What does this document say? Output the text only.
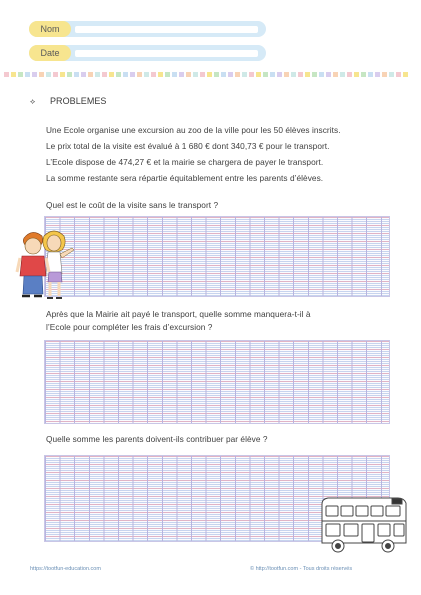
Nom
Date
⟡ PROBLEMES
Une Ecole organise une excursion au zoo de la ville pour les 50 élèves inscrits.
Le prix total de la visite est évalué à 1 680 € dont 340,73 € pour le transport.
L’Ecole dispose de 474,27 € et la mairie se chargera de payer le transport.
La somme restante sera répartie équitablement entre les parents d’élèves.
Quel est le coût de la visite sans le transport ?
Après que la Mairie ait payé le transport, quelle somme manquera-t-il à
l’Ecole pour compléter les frais d’excursion ?
Quelle somme les parents doivent-ils contribuer par élève ?
https://tootfun-education.com	© http://tootfun.com - Tous droits réservés
